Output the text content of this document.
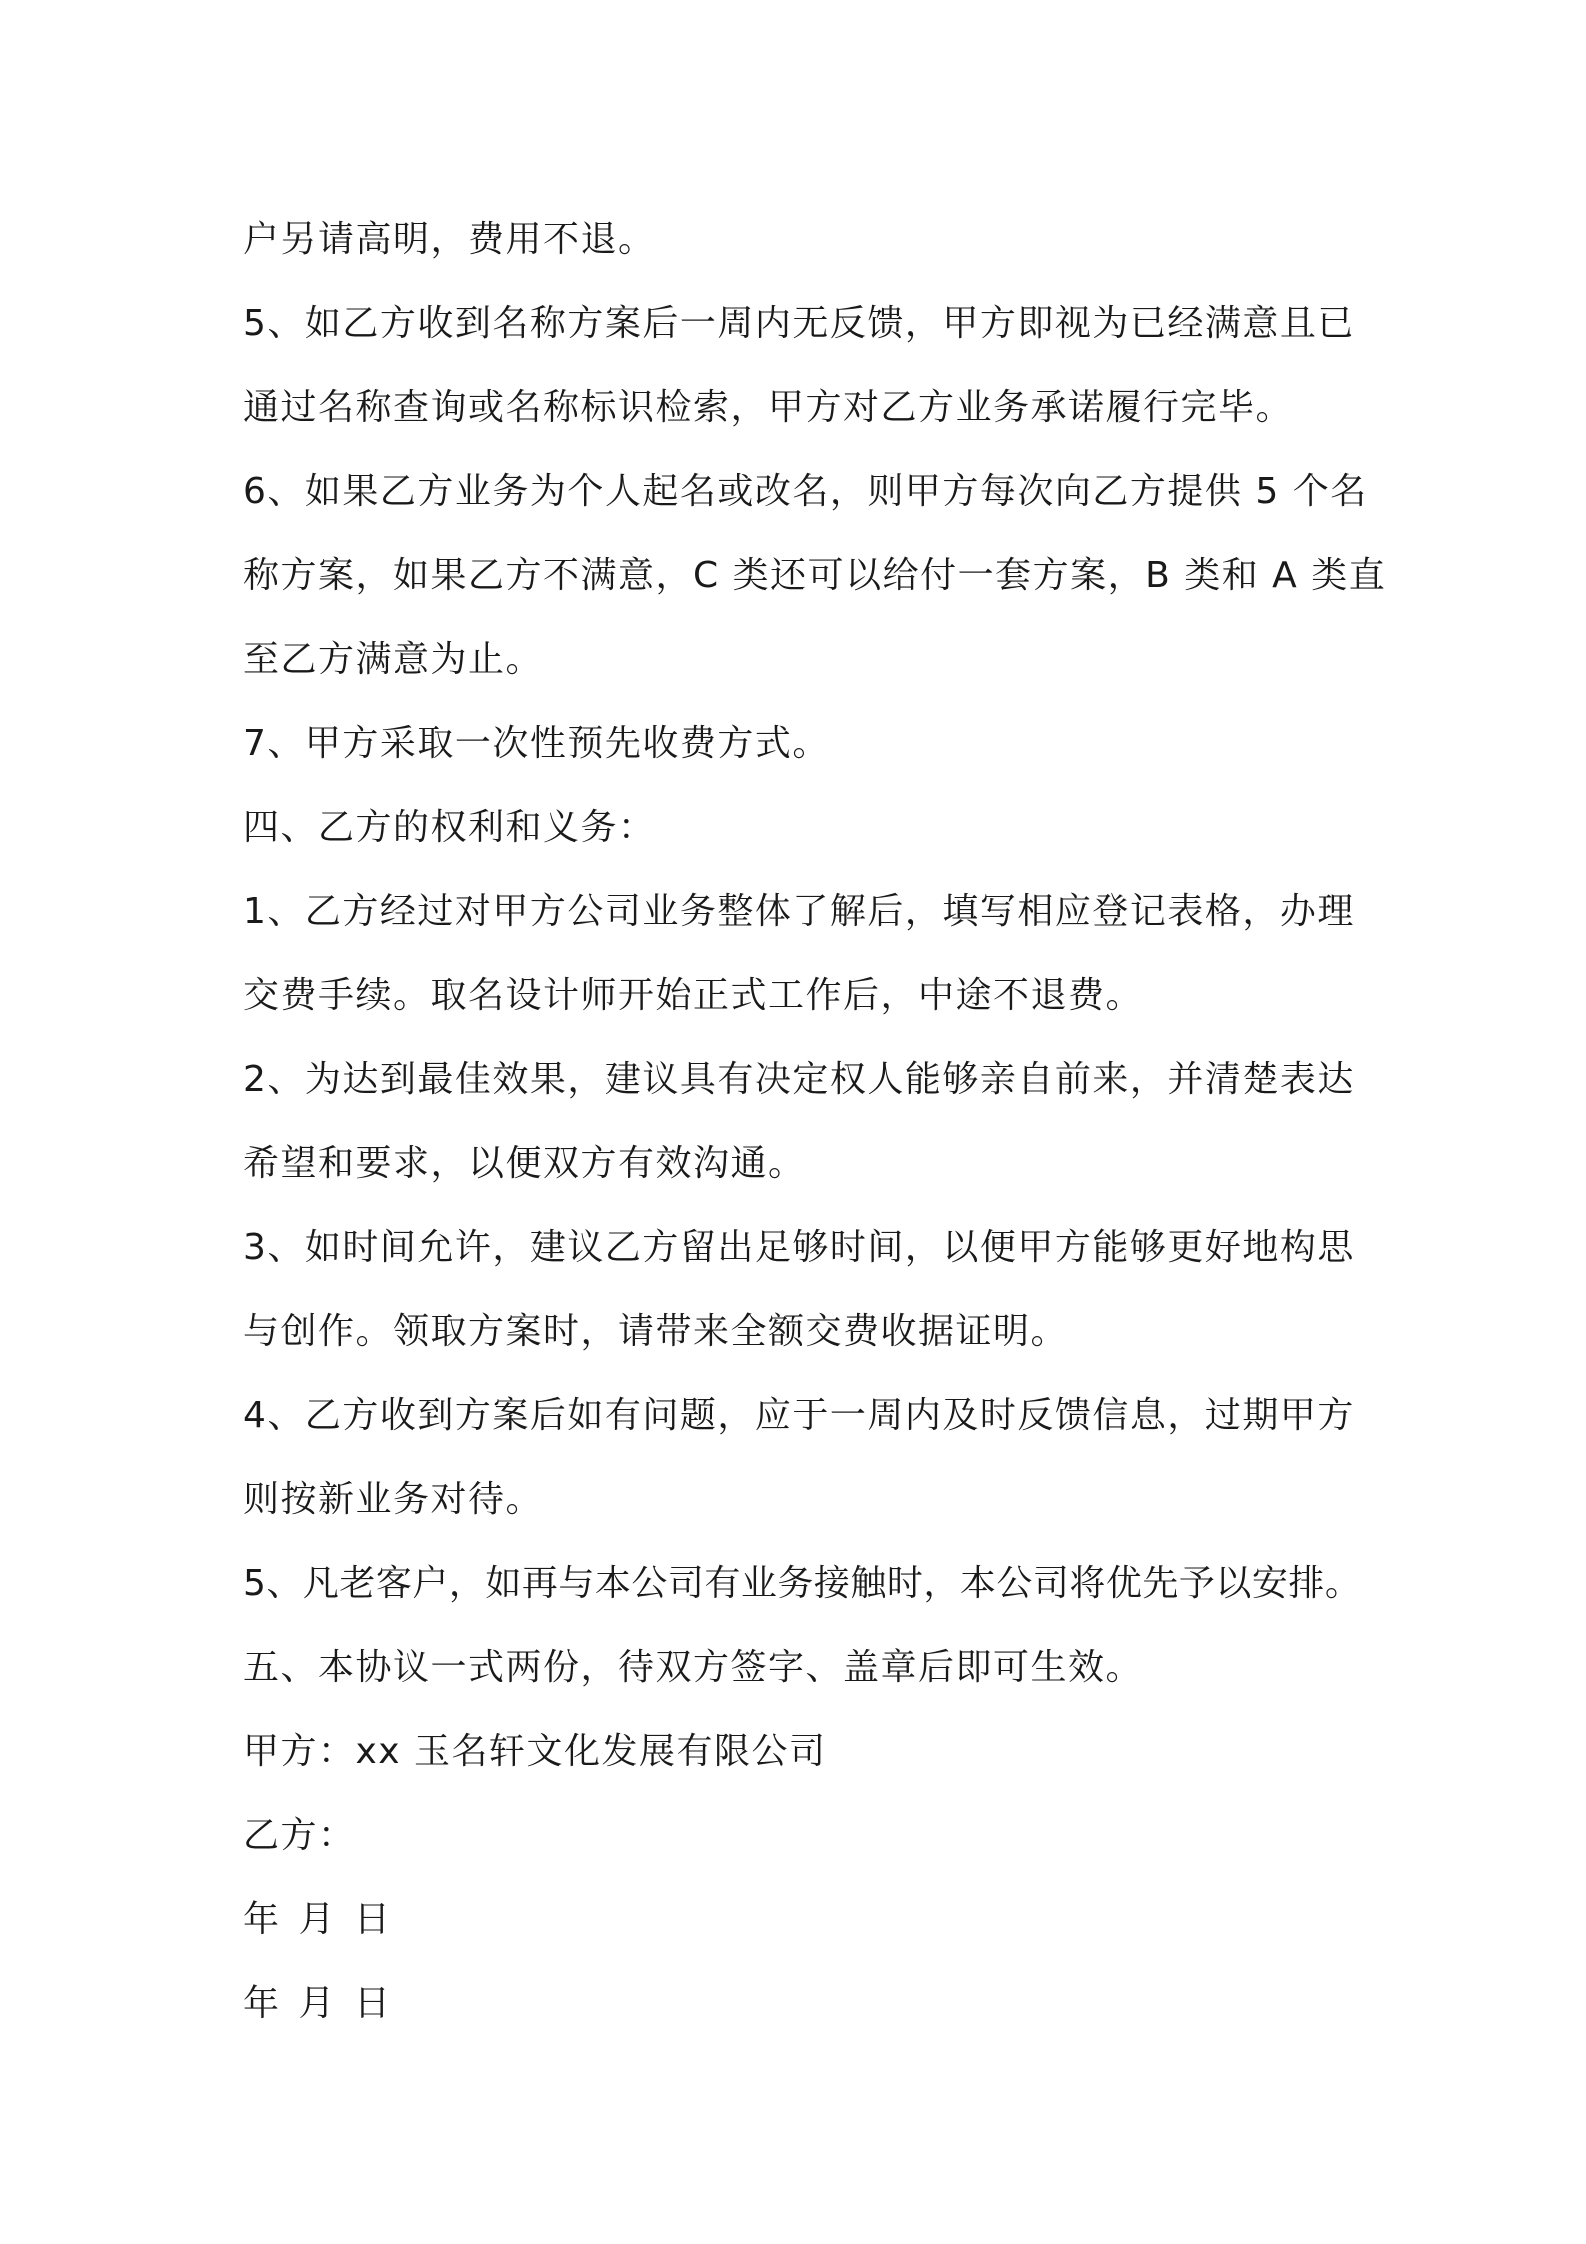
户另请高明，费用不退。
5、如乙方收到名称方案后一周内无反馈，甲方即视为已经满意且已
通过名称查询或名称标识检索，甲方对乙方业务承诺履行完毕。
6、如果乙方业务为个人起名或改名，则甲方每次向乙方提供 5 个名
称方案，如果乙方不满意，C 类还可以给付一套方案，B 类和 A 类直
至乙方满意为止。
7、甲方采取一次性预先收费方式。
四、乙方的权利和义务：
1、乙方经过对甲方公司业务整体了解后，填写相应登记表格，办理
交费手续。取名设计师开始正式工作后，中途不退费。
2、为达到最佳效果，建议具有决定权人能够亲自前来，并清楚表达
希望和要求，以便双方有效沟通。
3、如时间允许，建议乙方留出足够时间，以便甲方能够更好地构思
与创作。领取方案时，请带来全额交费收据证明。
4、乙方收到方案后如有问题，应于一周内及时反馈信息，过期甲方
则按新业务对待。
5、凡老客户，如再与本公司有业务接触时，本公司将优先予以安排。
五、本协议一式两份，待双方签字、盖章后即可生效。
甲方：xx 玉名轩文化发展有限公司
乙方：
年 月 日
年 月 日
